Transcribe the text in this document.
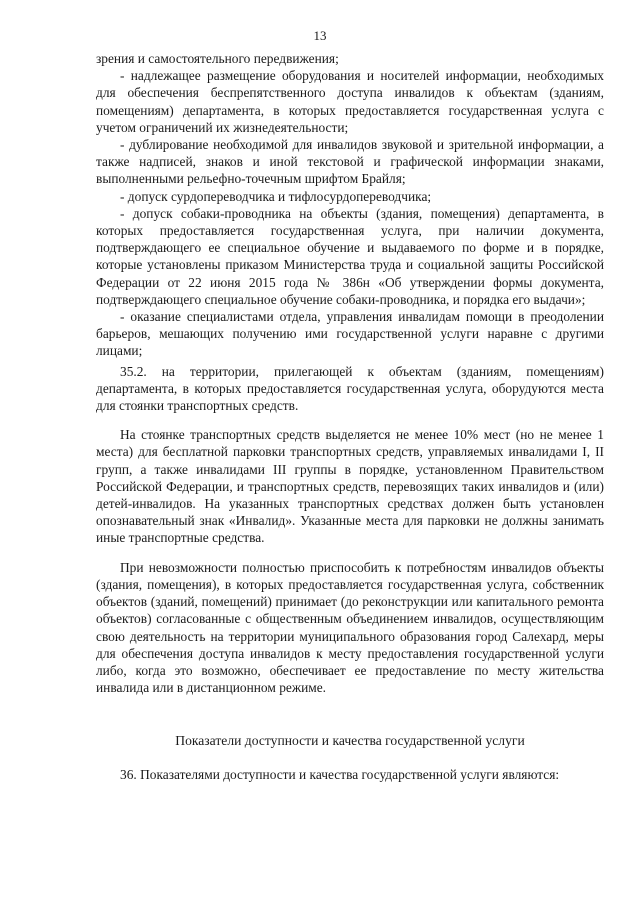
13

зрения и самостоятельного передвижения;

- надлежащее размещение оборудования и носителей информации, необходимых для обеспечения беспрепятственного доступа инвалидов к объектам (зданиям, помещениям) департамента, в которых предоставляется государственная услуга с учетом ограничений их жизнедеятельности;

- дублирование необходимой для инвалидов звуковой и зрительной информации, а также надписей, знаков и иной текстовой и графической информации знаками, выполненными рельефно-точечным шрифтом Брайля;

- допуск сурдопереводчика и тифлосурдопереводчика;

- допуск собаки-проводника на объекты (здания, помещения) департамента, в которых предоставляется государственная услуга, при наличии документа, подтверждающего ее специальное обучение и выдаваемого по форме и в порядке, которые установлены приказом Министерства труда и социальной защиты Российской Федерации от 22 июня 2015 года № 386н «Об утверждении формы документа, подтверждающего специальное обучение собаки-проводника, и порядка его выдачи»;

- оказание специалистами отдела, управления инвалидам помощи в преодолении барьеров, мешающих получению ими государственной услуги наравне с другими лицами;

35.2. на территории, прилегающей к объектам (зданиям, помещениям) департамента, в которых предоставляется государственная услуга, оборудуются места для стоянки транспортных средств.

На стоянке транспортных средств выделяется не менее 10% мест (но не менее 1 места) для бесплатной парковки транспортных средств, управляемых инвалидами I, II групп, а также инвалидами III группы в порядке, установленном Правительством Российской Федерации, и транспортных средств, перевозящих таких инвалидов и (или) детей-инвалидов. На указанных транспортных средствах должен быть установлен опознавательный знак «Инвалид». Указанные места для парковки не должны занимать иные транспортные средства.

При невозможности полностью приспособить к потребностям инвалидов объекты (здания, помещения), в которых предоставляется государственная услуга, собственник объектов (зданий, помещений) принимает (до реконструкции или капитального ремонта объектов) согласованные с общественным объединением инвалидов, осуществляющим свою деятельность на территории муниципального образования город Салехард, меры для обеспечения доступа инвалидов к месту предоставления государственной услуги либо, когда это возможно, обеспечивает ее предоставление по месту жительства инвалида или в дистанционном режиме.

Показатели доступности и качества государственной услуги

36. Показателями доступности и качества государственной услуги являются:
